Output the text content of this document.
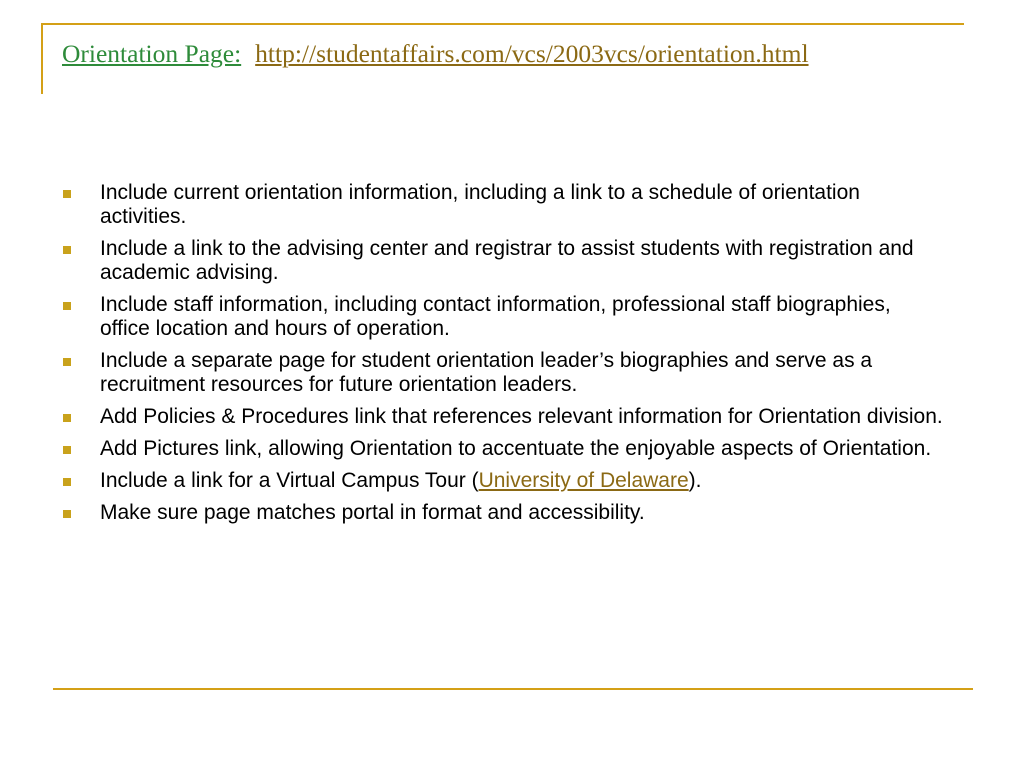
Orientation Page: http://studentaffairs.com/vcs/2003vcs/orientation.html
Include current orientation information, including a link to a schedule of orientation activities.
Include a link to the advising center and registrar to assist students with registration and academic advising.
Include staff information, including contact information, professional staff biographies, office location and hours of operation.
Include a separate page for student orientation leader’s biographies and serve as a recruitment resources for future orientation leaders.
Add Policies & Procedures link that references relevant information for Orientation division.
Add Pictures link, allowing Orientation to accentuate the enjoyable aspects of Orientation.
Include a link for a Virtual Campus Tour (University of Delaware).
Make sure page matches portal in format and accessibility.
